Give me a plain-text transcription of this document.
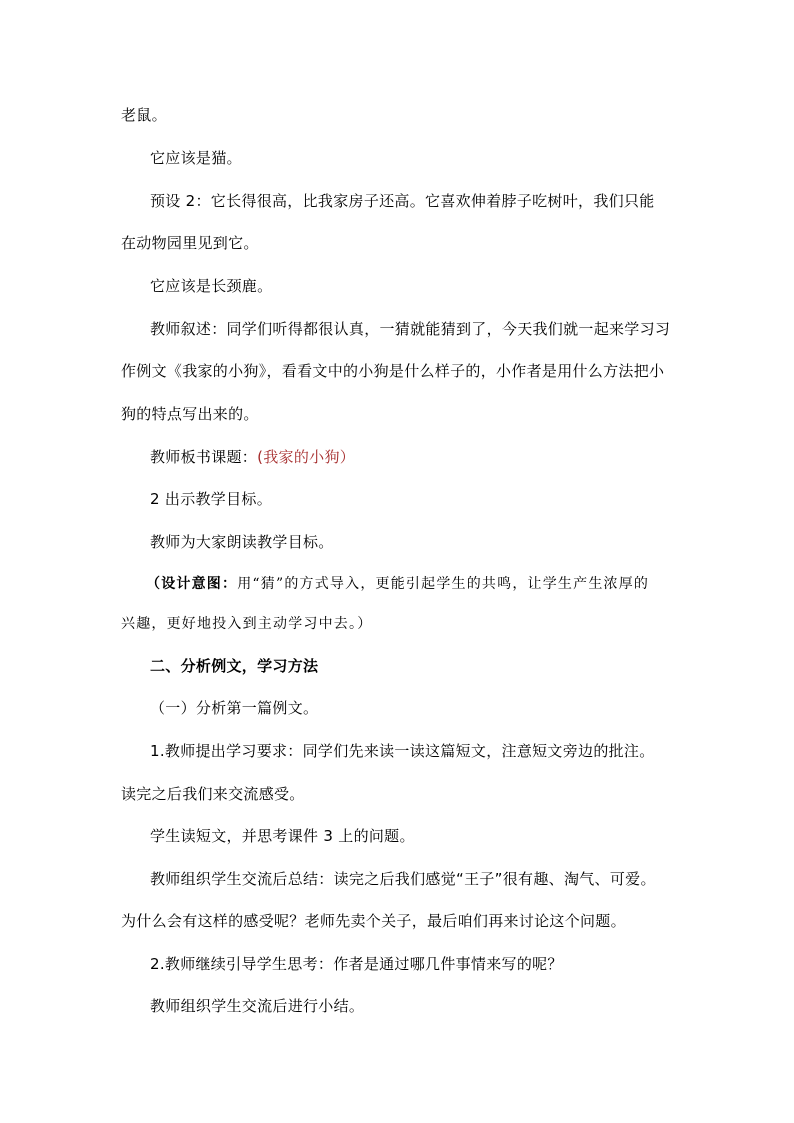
老鼠。
它应该是猫。
预设 2：它长得很高，比我家房子还高。它喜欢伸着脖子吃树叶，我们只能
在动物园里见到它。
它应该是长颈鹿。
教师叙述：同学们听得都很认真，一猜就能猜到了，今天我们就一起来学习习
作例文《我家的小狗》，看看文中的小狗是什么样子的，小作者是用什么方法把小
狗的特点写出来的。
教师板书课题：(我家的小狗）
2 出示教学目标。
教师为大家朗读教学目标。
（设计意图：用“猜”的方式导入，更能引起学生的共鸣，让学生产生浓厚的
兴趣，更好地投入到主动学习中去。）
二、分析例文，学习方法
（一）分析第一篇例文。
1.教师提出学习要求：同学们先来读一读这篇短文，注意短文旁边的批注。
读完之后我们来交流感受。
学生读短文，并思考课件 3 上的问题。
教师组织学生交流后总结：读完之后我们感觉“王子”很有趣、淘气、可爱。
为什么会有这样的感受呢？老师先卖个关子，最后咱们再来讨论这个问题。
2.教师继续引导学生思考：作者是通过哪几件事情来写的呢？
教师组织学生交流后进行小结。
